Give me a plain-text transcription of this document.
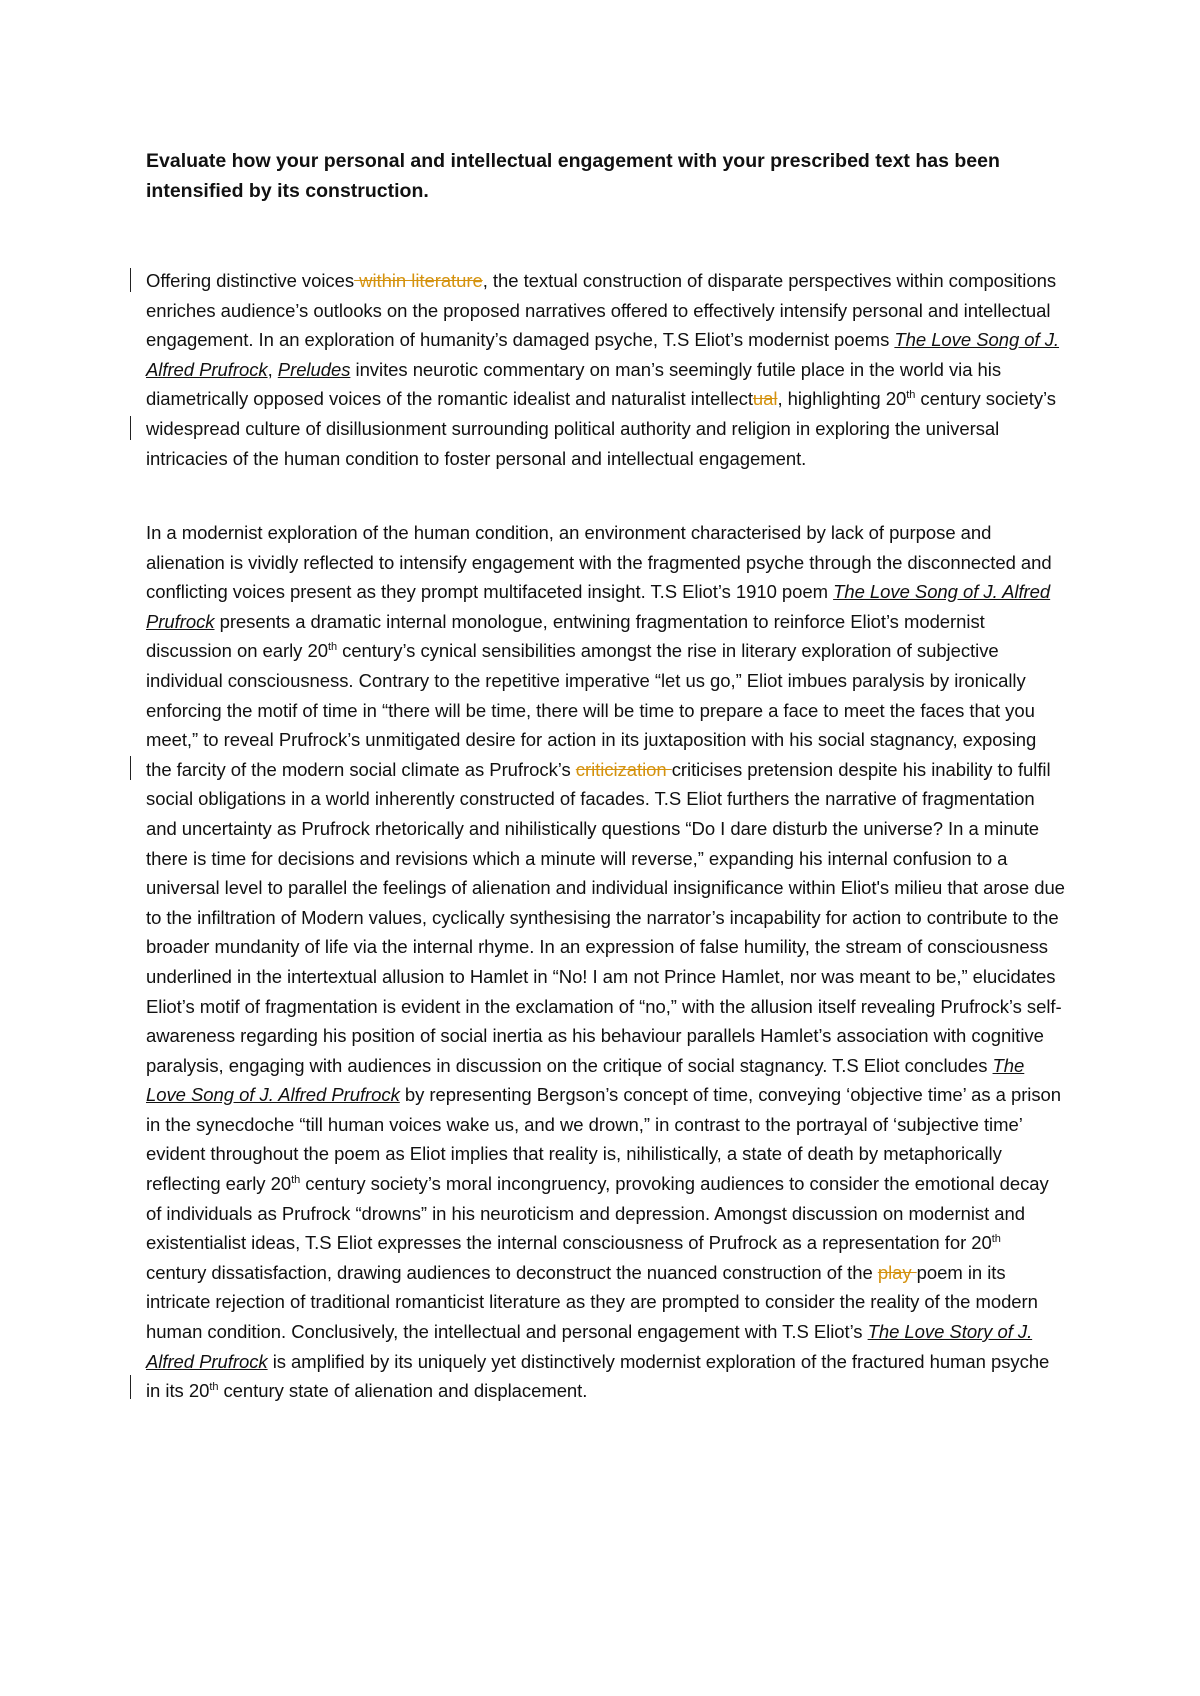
Evaluate how your personal and intellectual engagement with your prescribed text has been intensified by its construction.

Offering distinctive voices within literature, the textual construction of disparate perspectives within compositions enriches audience’s outlooks on the proposed narratives offered to effectively intensify personal and intellectual engagement. In an exploration of humanity’s damaged psyche, T.S Eliot’s modernist poems The Love Song of J. Alfred Prufrock, Preludes invites neurotic commentary on man’s seemingly futile place in the world via his diametrically opposed voices of the romantic idealist and naturalist intellectual, highlighting 20th century society’s widespread culture of disillusionment surrounding political authority and religion in exploring the universal intricacies of the human condition to foster personal and intellectual engagement.

In a modernist exploration of the human condition, an environment characterised by lack of purpose and alienation is vividly reflected to intensify engagement with the fragmented psyche through the disconnected and conflicting voices present as they prompt multifaceted insight. T.S Eliot’s 1910 poem The Love Song of J. Alfred Prufrock presents a dramatic internal monologue, entwining fragmentation to reinforce Eliot’s modernist discussion on early 20th century’s cynical sensibilities amongst the rise in literary exploration of subjective individual consciousness. Contrary to the repetitive imperative “let us go,” Eliot imbues paralysis by ironically enforcing the motif of time in “there will be time, there will be time to prepare a face to meet the faces that you meet,” to reveal Prufrock’s unmitigated desire for action in its juxtaposition with his social stagnancy, exposing the farcity of the modern social climate as Prufrock’s criticization criticises pretension despite his inability to fulfil social obligations in a world inherently constructed of facades. T.S Eliot furthers the narrative of fragmentation and uncertainty as Prufrock rhetorically and nihilistically questions “Do I dare disturb the universe? In a minute there is time for decisions and revisions which a minute will reverse,” expanding his internal confusion to a universal level to parallel the feelings of alienation and individual insignificance within Eliot's milieu that arose due to the infiltration of Modern values, cyclically synthesising the narrator’s incapability for action to contribute to the broader mundanity of life via the internal rhyme. In an expression of false humility, the stream of consciousness underlined in the intertextual allusion to Hamlet in “No! I am not Prince Hamlet, nor was meant to be,” elucidates Eliot’s motif of fragmentation is evident in the exclamation of “no,” with the allusion itself revealing Prufrock’s self-awareness regarding his position of social inertia as his behaviour parallels Hamlet’s association with cognitive paralysis, engaging with audiences in discussion on the critique of social stagnancy. T.S Eliot concludes The Love Song of J. Alfred Prufrock by representing Bergson’s concept of time, conveying ‘objective time’ as a prison in the synecdoche “till human voices wake us, and we drown,” in contrast to the portrayal of ‘subjective time’ evident throughout the poem as Eliot implies that reality is, nihilistically, a state of death by metaphorically reflecting early 20th century society’s moral incongruency, provoking audiences to consider the emotional decay of individuals as Prufrock “drowns” in his neuroticism and depression. Amongst discussion on modernist and existentialist ideas, T.S Eliot expresses the internal consciousness of Prufrock as a representation for 20th century dissatisfaction, drawing audiences to deconstruct the nuanced construction of the play poem in its intricate rejection of traditional romanticist literature as they are prompted to consider the reality of the modern human condition. Conclusively, the intellectual and personal engagement with T.S Eliot’s The Love Story of J. Alfred Prufrock is amplified by its uniquely yet distinctively modernist exploration of the fractured human psyche in its 20th century state of alienation and displacement.
